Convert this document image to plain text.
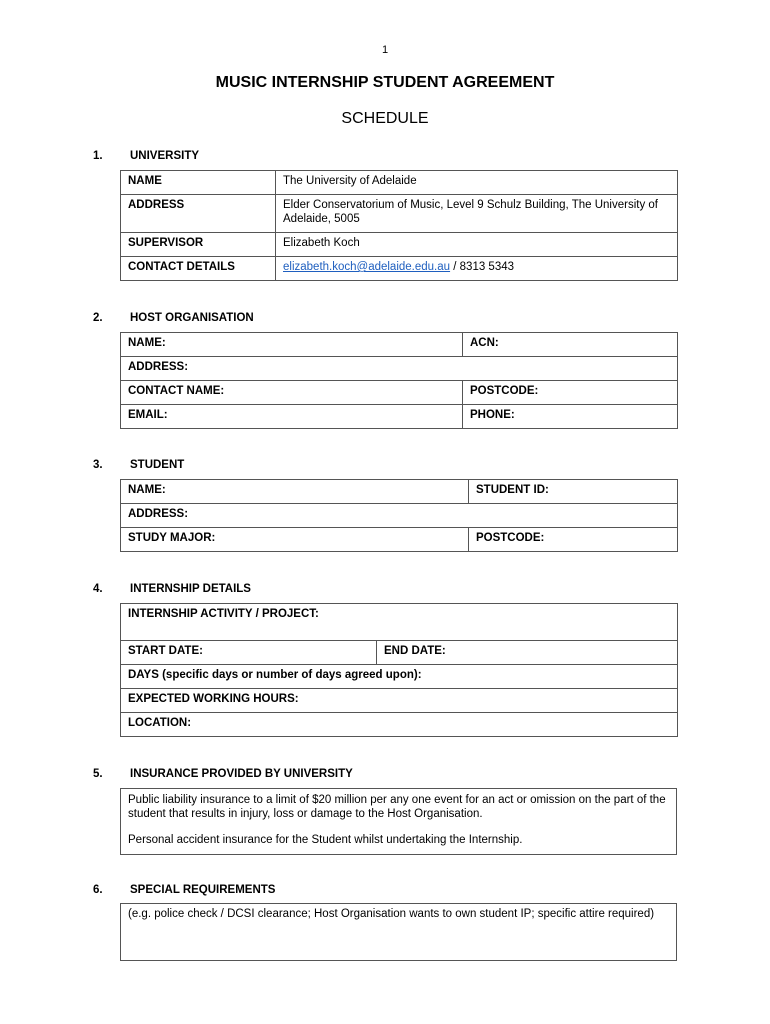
1
MUSIC INTERNSHIP STUDENT AGREEMENT
SCHEDULE
1. UNIVERSITY
NAME	The University of Adelaide
ADDRESS	Elder Conservatorium of Music, Level 9 Schulz Building, The University of Adelaide, 5005
SUPERVISOR	Elizabeth Koch
CONTACT DETAILS	elizabeth.koch@adelaide.edu.au / 8313 5343
2. HOST ORGANISATION
NAME:	ACN:
ADDRESS:	
CONTACT NAME:	POSTCODE:
EMAIL:	PHONE:
3. STUDENT
NAME:	STUDENT ID:
ADDRESS:	
STUDY MAJOR:	POSTCODE:
4. INTERNSHIP DETAILS
INTERNSHIP ACTIVITY / PROJECT:
START DATE:	END DATE:
DAYS (specific days or number of days agreed upon):
EXPECTED WORKING HOURS:
LOCATION:
5. INSURANCE PROVIDED BY UNIVERSITY

Public liability insurance to a limit of $20 million per any one event for an act or omission on the part of the student that results in injury, loss or damage to the Host Organisation.

Personal accident insurance for the Student whilst undertaking the Internship.

6. SPECIAL REQUIREMENTS
(e.g. police check / DCSI clearance; Host Organisation wants to own student IP; specific attire required)
